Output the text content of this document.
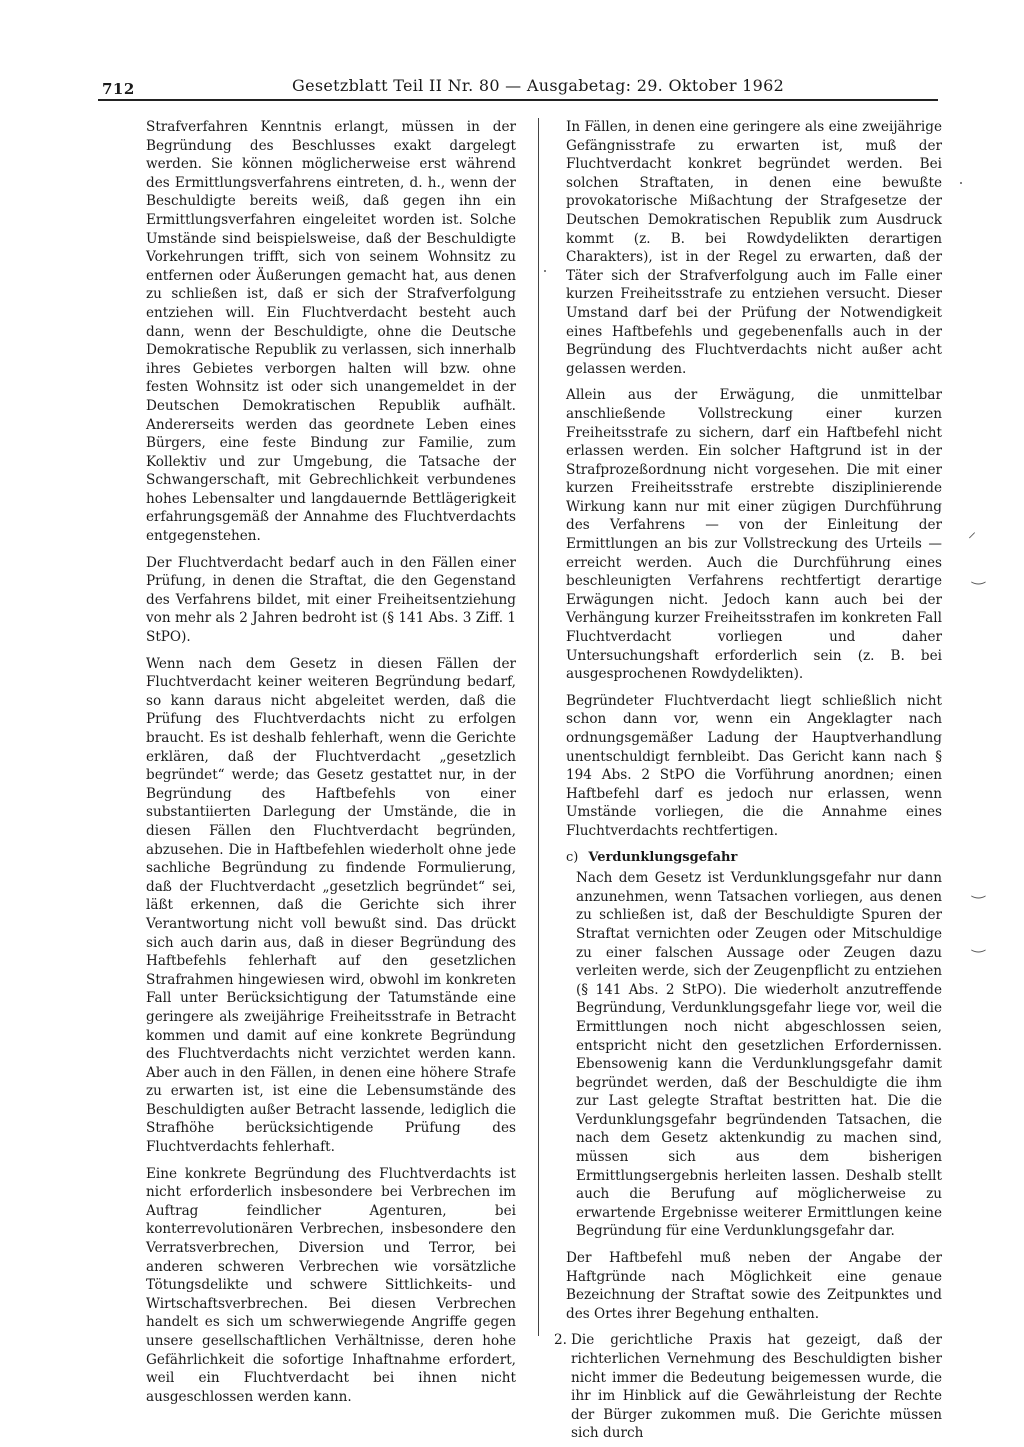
712	Gesetzblatt Teil II Nr. 80 — Ausgabetag: 29. Oktober 1962

Strafverfahren Kenntnis erlangt, müssen in der Begründung des Beschlusses exakt dargelegt werden. Sie können möglicherweise erst während des Ermittlungsverfahrens eintreten, d. h., wenn der Beschuldigte bereits weiß, daß gegen ihn ein Ermittlungsverfahren eingeleitet worden ist. Solche Umstände sind beispielsweise, daß der Beschuldigte Vorkehrungen trifft, sich von seinem Wohnsitz zu entfernen oder Äußerungen gemacht hat, aus denen zu schließen ist, daß er sich der Strafverfolgung entziehen will. Ein Fluchtverdacht besteht auch dann, wenn der Beschuldigte, ohne die Deutsche Demokratische Republik zu verlassen, sich innerhalb ihres Gebietes verborgen halten will bzw. ohne festen Wohnsitz ist oder sich unangemeldet in der Deutschen Demokratischen Republik aufhält. Andererseits werden das geordnete Leben eines Bürgers, eine feste Bindung zur Familie, zum Kollektiv und zur Umgebung, die Tatsache der Schwangerschaft, mit Gebrechlichkeit verbundenes hohes Lebensalter und langdauernde Bettlägerigkeit erfahrungsgemäß der Annahme des Fluchtverdachts entgegenstehen.

Der Fluchtverdacht bedarf auch in den Fällen einer Prüfung, in denen die Straftat, die den Gegenstand des Verfahrens bildet, mit einer Freiheitsentziehung von mehr als 2 Jahren bedroht ist (§ 141 Abs. 3 Ziff. 1 StPO).

Wenn nach dem Gesetz in diesen Fällen der Fluchtverdacht keiner weiteren Begründung bedarf, so kann daraus nicht abgeleitet werden, daß die Prüfung des Fluchtverdachts nicht zu erfolgen braucht. Es ist deshalb fehlerhaft, wenn die Gerichte erklären, daß der Fluchtverdacht „gesetzlich begründet“ werde; das Gesetz gestattet nur, in der Begründung des Haftbefehls von einer substantiierten Darlegung der Umstände, die in diesen Fällen den Fluchtverdacht begründen, abzusehen. Die in Haftbefehlen wiederholt ohne jede sachliche Begründung zu findende Formulierung, daß der Fluchtverdacht „gesetzlich begründet“ sei, läßt erkennen, daß die Gerichte sich ihrer Verantwortung nicht voll bewußt sind. Das drückt sich auch darin aus, daß in dieser Begründung des Haftbefehls fehlerhaft auf den gesetzlichen Strafrahmen hingewiesen wird, obwohl im konkreten Fall unter Berücksichtigung der Tatumstände eine geringere als zweijährige Freiheitsstrafe in Betracht kommen und damit auf eine konkrete Begründung des Fluchtverdachts nicht verzichtet werden kann. Aber auch in den Fällen, in denen eine höhere Strafe zu erwarten ist, ist eine die Lebensumstände des Beschuldigten außer Betracht lassende, lediglich die Strafhöhe berücksichtigende Prüfung des Fluchtverdachts fehlerhaft.

Eine konkrete Begründung des Fluchtverdachts ist nicht erforderlich insbesondere bei Verbrechen im Auftrag feindlicher Agenturen, bei konterrevolutionären Verbrechen, insbesondere den Verratsverbrechen, Diversion und Terror, bei anderen schweren Verbrechen wie vorsätzliche Tötungsdelikte und schwere Sittlichkeits- und Wirtschaftsverbrechen. Bei diesen Verbrechen handelt es sich um schwerwiegende Angriffe gegen unsere gesellschaftlichen Verhältnisse, deren hohe Gefährlichkeit die sofortige Inhaftnahme erfordert, weil ein Fluchtverdacht bei ihnen nicht ausgeschlossen werden kann.

In Fällen, in denen eine geringere als eine zweijährige Gefängnisstrafe zu erwarten ist, muß der Fluchtverdacht konkret begründet werden. Bei solchen Straftaten, in denen eine bewußte provokatorische Mißachtung der Strafgesetze der Deutschen Demokratischen Republik zum Ausdruck kommt (z. B. bei Rowdydelikten derartigen Charakters), ist in der Regel zu erwarten, daß der Täter sich der Strafverfolgung auch im Falle einer kurzen Freiheitsstrafe zu entziehen versucht. Dieser Umstand darf bei der Prüfung der Notwendigkeit eines Haftbefehls und gegebenenfalls auch in der Begründung des Fluchtverdachts nicht außer acht gelassen werden.

Allein aus der Erwägung, die unmittelbar anschließende Vollstreckung einer kurzen Freiheitsstrafe zu sichern, darf ein Haftbefehl nicht erlassen werden. Ein solcher Haftgrund ist in der Strafprozeßordnung nicht vorgesehen. Die mit einer kurzen Freiheitsstrafe erstrebte disziplinierende Wirkung kann nur mit einer zügigen Durchführung des Verfahrens — von der Einleitung der Ermittlungen an bis zur Vollstreckung des Urteils — erreicht werden. Auch die Durchführung eines beschleunigten Verfahrens rechtfertigt derartige Erwägungen nicht. Jedoch kann auch bei der Verhängung kurzer Freiheitsstrafen im konkreten Fall Fluchtverdacht vorliegen und daher Untersuchungshaft erforderlich sein (z. B. bei ausgesprochenen Rowdydelikten).

Begründeter Fluchtverdacht liegt schließlich nicht schon dann vor, wenn ein Angeklagter nach ordnungsgemäßer Ladung der Hauptverhandlung unentschuldigt fernbleibt. Das Gericht kann nach § 194 Abs. 2 StPO die Vorführung anordnen; einen Haftbefehl darf es jedoch nur erlassen, wenn Umstände vorliegen, die die Annahme eines Fluchtverdachts rechtfertigen.

c) Verdunklungsgefahr

Nach dem Gesetz ist Verdunklungsgefahr nur dann anzunehmen, wenn Tatsachen vorliegen, aus denen zu schließen ist, daß der Beschuldigte Spuren der Straftat vernichten oder Zeugen oder Mitschuldige zu einer falschen Aussage oder Zeugen dazu verleiten werde, sich der Zeugenpflicht zu entziehen (§ 141 Abs. 2 StPO). Die wiederholt anzutreffende Begründung, Verdunklungsgefahr liege vor, weil die Ermittlungen noch nicht abgeschlossen seien, entspricht nicht den gesetzlichen Erfordernissen. Ebensowenig kann die Verdunklungsgefahr damit begründet werden, daß der Beschuldigte die ihm zur Last gelegte Straftat bestritten hat. Die die Verdunklungsgefahr begründenden Tatsachen, die nach dem Gesetz aktenkundig zu machen sind, müssen sich aus dem bisherigen Ermittlungsergebnis herleiten lassen. Deshalb stellt auch die Berufung auf möglicherweise zu erwartende Ergebnisse weiterer Ermittlungen keine Begründung für eine Verdunklungsgefahr dar.

Der Haftbefehl muß neben der Angabe der Haftgründe nach Möglichkeit eine genaue Bezeichnung der Straftat sowie des Zeitpunktes und des Ortes ihrer Begehung enthalten.

2. Die gerichtliche Praxis hat gezeigt, daß der richterlichen Vernehmung des Beschuldigten bisher nicht immer die Bedeutung beigemessen wurde, die ihr im Hinblick auf die Gewährleistung der Rechte der Bürger zukommen muß. Die Gerichte müssen sich durch
⸝
‿
‿
‿
